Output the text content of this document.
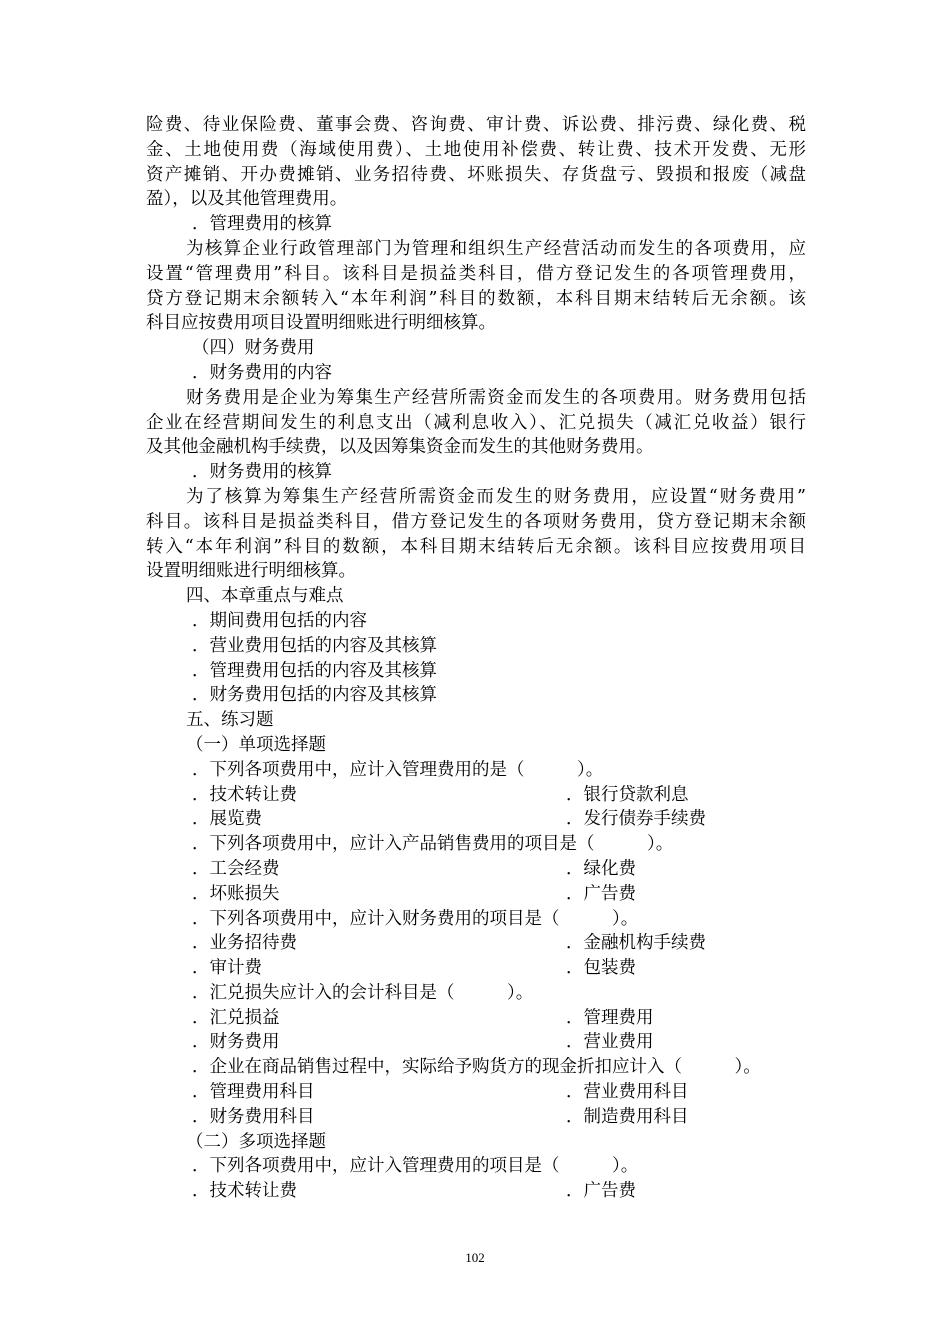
险费、待业保险费、董事会费、咨询费、审计费、诉讼费、排污费、绿化费、税
金、土地使用费（海域使用费）、土地使用补偿费、转让费、技术开发费、无形
资产摊销、开办费摊销、业务招待费、坏账损失、存货盘亏、毁损和报废（减盘
盈），以及其他管理费用。
．管理费用的核算
为核算企业行政管理部门为管理和组织生产经营活动而发生的各项费用，应
设置“管理费用”科目。该科目是损益类科目，借方登记发生的各项管理费用，
贷方登记期末余额转入“本年利润”科目的数额，本科目期末结转后无余额。该
科目应按费用项目设置明细账进行明细核算。
（四）财务费用
．财务费用的内容
财务费用是企业为筹集生产经营所需资金而发生的各项费用。财务费用包括
企业在经营期间发生的利息支出（减利息收入）、汇兑损失（减汇兑收益）银行
及其他金融机构手续费，以及因筹集资金而发生的其他财务费用。
．财务费用的核算
为了核算为筹集生产经营所需资金而发生的财务费用，应设置“财务费用”
科目。该科目是损益类科目，借方登记发生的各项财务费用，贷方登记期末余额
转入“本年利润”科目的数额，本科目期末结转后无余额。该科目应按费用项目
设置明细账进行明细核算。
四、本章重点与难点
．期间费用包括的内容
．营业费用包括的内容及其核算
．管理费用包括的内容及其核算
．财务费用包括的内容及其核算
五、练习题
（一）单项选择题
．下列各项费用中，应计入管理费用的是（　　　）。
．技术转让费	．银行贷款利息
．展览费	．发行债券手续费
．下列各项费用中，应计入产品销售费用的项目是（　　　）。
．工会经费	．绿化费
．坏账损失	．广告费
．下列各项费用中，应计入财务费用的项目是（　　　）。
．业务招待费	．金融机构手续费
．审计费	．包装费
．汇兑损失应计入的会计科目是（　　　）。
．汇兑损益	．管理费用
．财务费用	．营业费用
．企业在商品销售过程中，实际给予购货方的现金折扣应计入（　　　）。
．管理费用科目	．营业费用科目
．财务费用科目	．制造费用科目
（二）多项选择题
．下列各项费用中，应计入管理费用的项目是（　　　）。
．技术转让费	．广告费
102
